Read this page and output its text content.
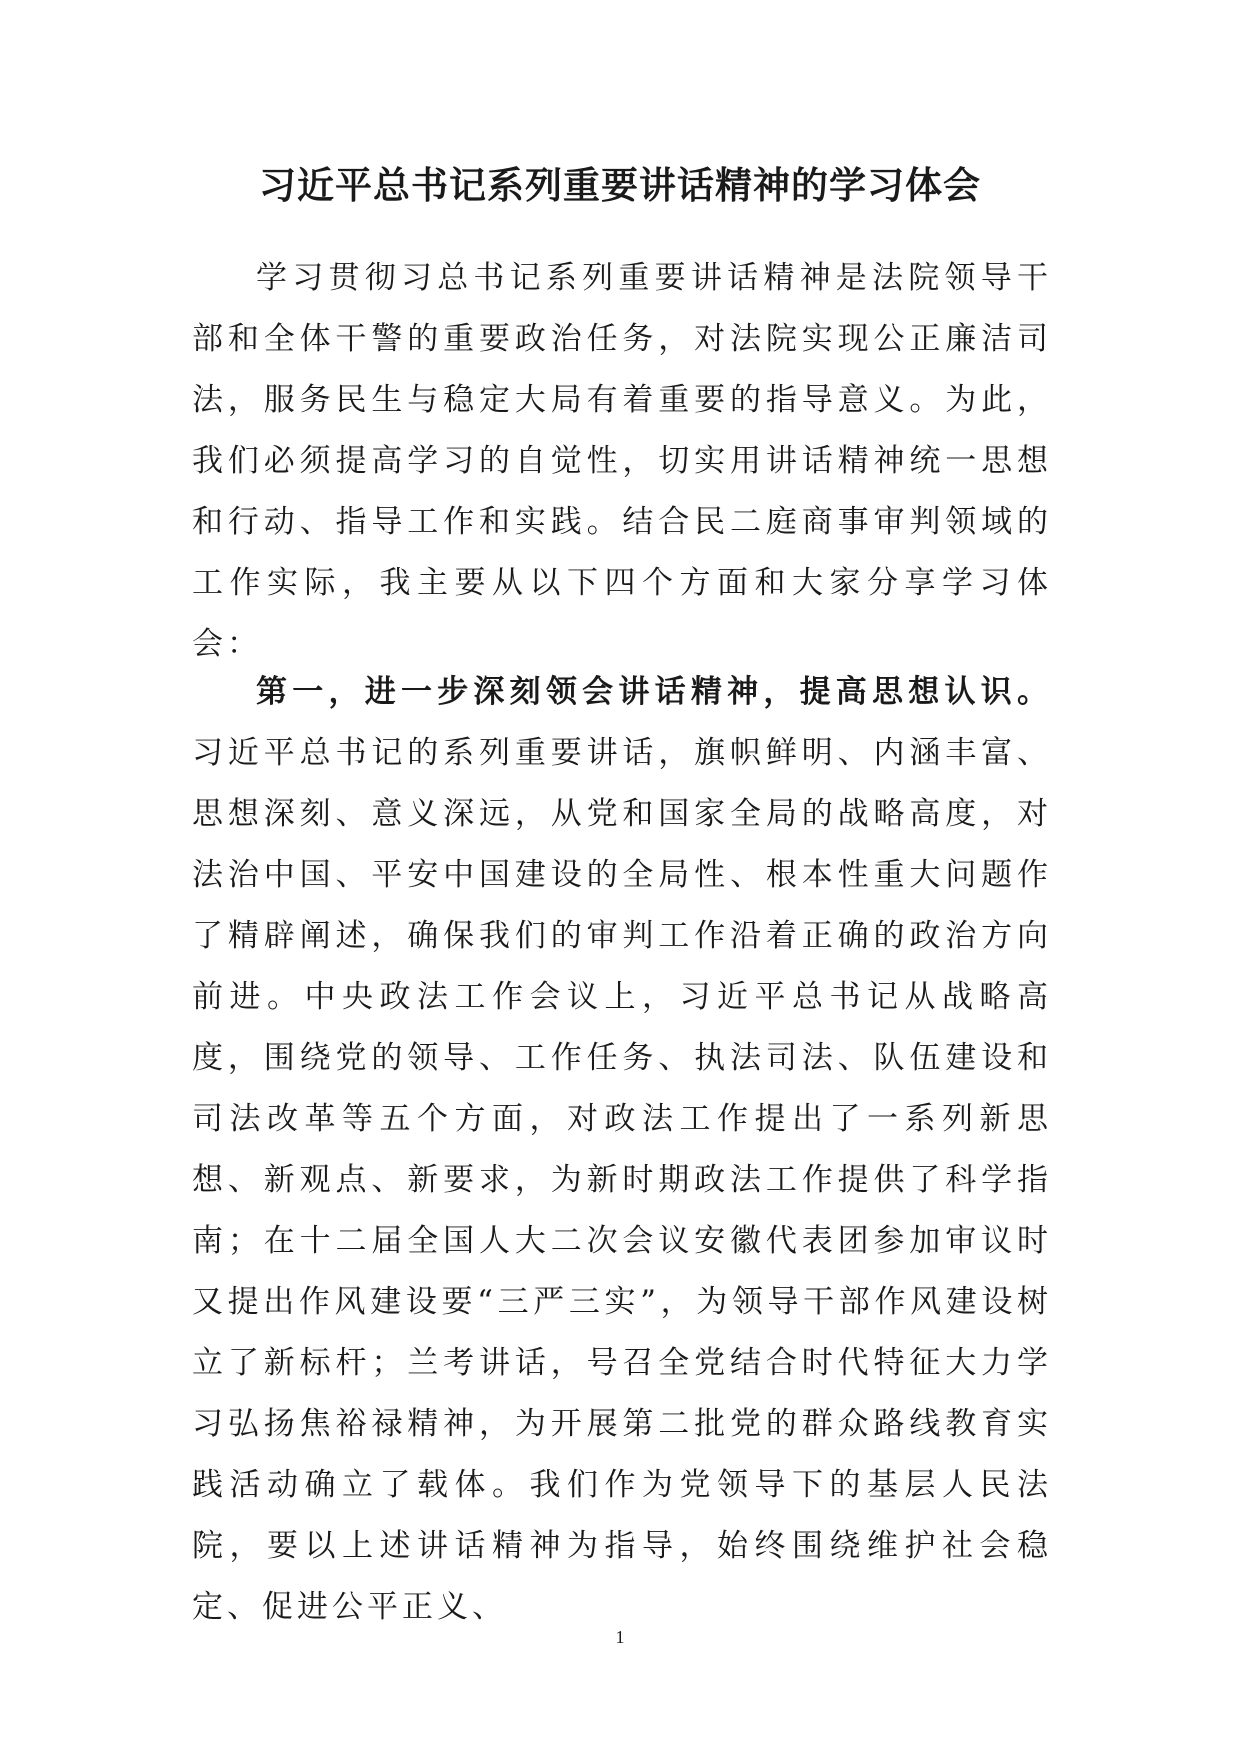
习近平总书记系列重要讲话精神的学习体会

学习贯彻习总书记系列重要讲话精神是法院领导干部和全体干警的重要政治任务，对法院实现公正廉洁司法，服务民生与稳定大局有着重要的指导意义。为此，我们必须提高学习的自觉性，切实用讲话精神统一思想和行动、指导工作和实践。结合民二庭商事审判领域的工作实际，我主要从以下四个方面和大家分享学习体会：

第一，进一步深刻领会讲话精神，提高思想认识。习近平总书记的系列重要讲话，旗帜鲜明、内涵丰富、思想深刻、意义深远，从党和国家全局的战略高度，对法治中国、平安中国建设的全局性、根本性重大问题作了精辟阐述，确保我们的审判工作沿着正确的政治方向前进。中央政法工作会议上，习近平总书记从战略高度，围绕党的领导、工作任务、执法司法、队伍建设和司法改革等五个方面，对政法工作提出了一系列新思想、新观点、新要求，为新时期政法工作提供了科学指南；在十二届全国人大二次会议安徽代表团参加审议时又提出作风建设要“三严三实”，为领导干部作风建设树立了新标杆；兰考讲话，号召全党结合时代特征大力学习弘扬焦裕禄精神，为开展第二批党的群众路线教育实践活动确立了载体。我们作为党领导下的基层人民法院，要以上述讲话精神为指导，始终围绕维护社会稳定、促进公平正义、

1
